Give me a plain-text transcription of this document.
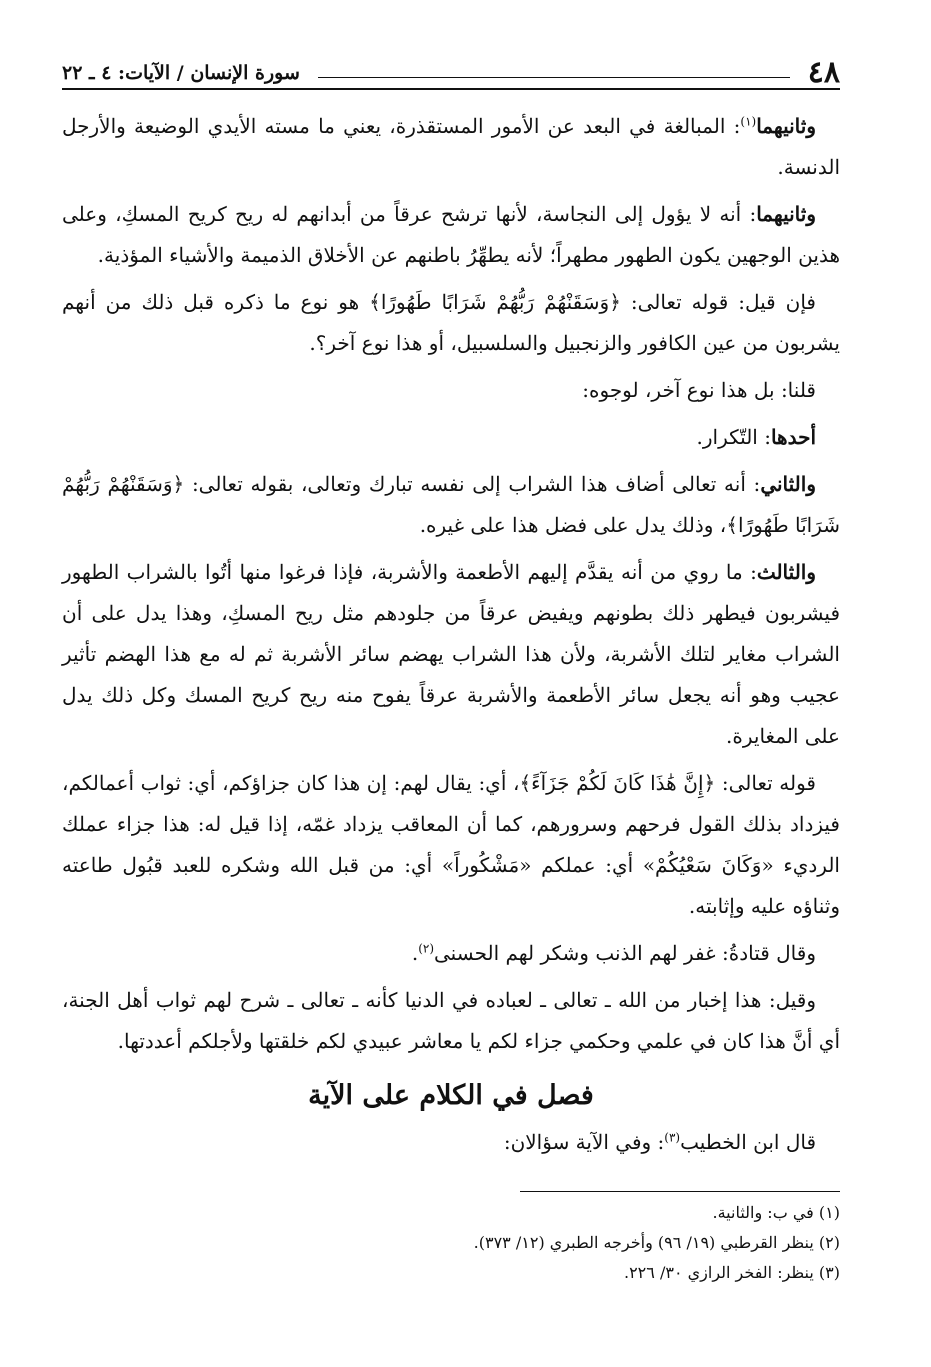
٤٨
سورة الإنسان / الآيات: ٤ ـ ٢٢

وثانيهما$^{(١)}$: المبالغة في البعد عن الأمور المستقذرة، يعني ما مسته الأيدي الوضيعة والأرجل الدنسة.

وثانيهما: أنه لا يؤول إلى النجاسة، لأنها ترشح عرقاً من أبدانهم له ريح كريح المسكِ، وعلى هذين الوجهين يكون الطهور مطهراً؛ لأنه يطهِّرُ باطنهم عن الأخلاق الذميمة والأشياء المؤذية.

فإن قيل: قوله تعالى: ﴿وَسَقَنْهُمْ رَبُّهُمْ شَرَابًا طَهُورًا﴾ هو نوع ما ذكره قبل ذلك من أنهم يشربون من عين الكافور والزنجبيل والسلسبيل، أو هذا نوع آخر؟.

قلنا: بل هذا نوع آخر، لوجوه:

أحدها: التّكرار.

والثاني: أنه تعالى أضاف هذا الشراب إلى نفسه تبارك وتعالى، بقوله تعالى: ﴿وَسَقَنْهُمْ رَبُّهُمْ شَرَابًا طَهُورًا﴾، وذلك يدل على فضل هذا على غيره.

والثالث: ما روي من أنه يقدَّم إليهم الأطعمة والأشربة، فإذا فرغوا منها أتُوا بالشراب الطهور فيشربون فيطهر ذلك بطونهم ويفيض عرقاً من جلودهم مثل ريح المسكِ، وهذا يدل على أن الشراب مغاير لتلك الأشربة، ولأن هذا الشراب يهضم سائر الأشربة ثم له مع هذا الهضم تأثير عجيب وهو أنه يجعل سائر الأطعمة والأشربة عرقاً يفوح منه ريح كريح المسك وكل ذلك يدل على المغايرة.

قوله تعالى: ﴿إِنَّ هَٰذَا كَانَ لَكُمْ جَزَآءً﴾، أي: يقال لهم: إن هذا كان جزاؤكم، أي: ثواب أعمالكم، فيزداد بذلك القول فرحهم وسرورهم، كما أن المعاقب يزداد غمّه، إذا قيل له: هذا جزاء عملك الرديء «وَكَانَ سَعْيُكُمْ» أي: عملكم «مَشْكُوراً» أي: من قبل الله وشكره للعبد قبُول طاعته وثناؤه عليه وإثابته.

وقال قتادةُ: غفر لهم الذنب وشكر لهم الحسنى$^{(٢)}$.

وقيل: هذا إخبار من الله ـ تعالى ـ لعباده في الدنيا كأنه ـ تعالى ـ شرح لهم ثواب أهل الجنة، أي أنَّ هذا كان في علمي وحكمي جزاء لكم يا معاشر عبيدي لكم خلقتها ولأجلكم أعددتها.

فصل في الكلام على الآية

قال ابن الخطيب$^{(٣)}$: وفي الآية سؤالان:

(١) في ب: والثانية.

(٢) ينظر القرطبي (١٩/ ٩٦) وأخرجه الطبري (١٢/ ٣٧٣).

(٣) ينظر: الفخر الرازي ٣٠/ ٢٢٦.
